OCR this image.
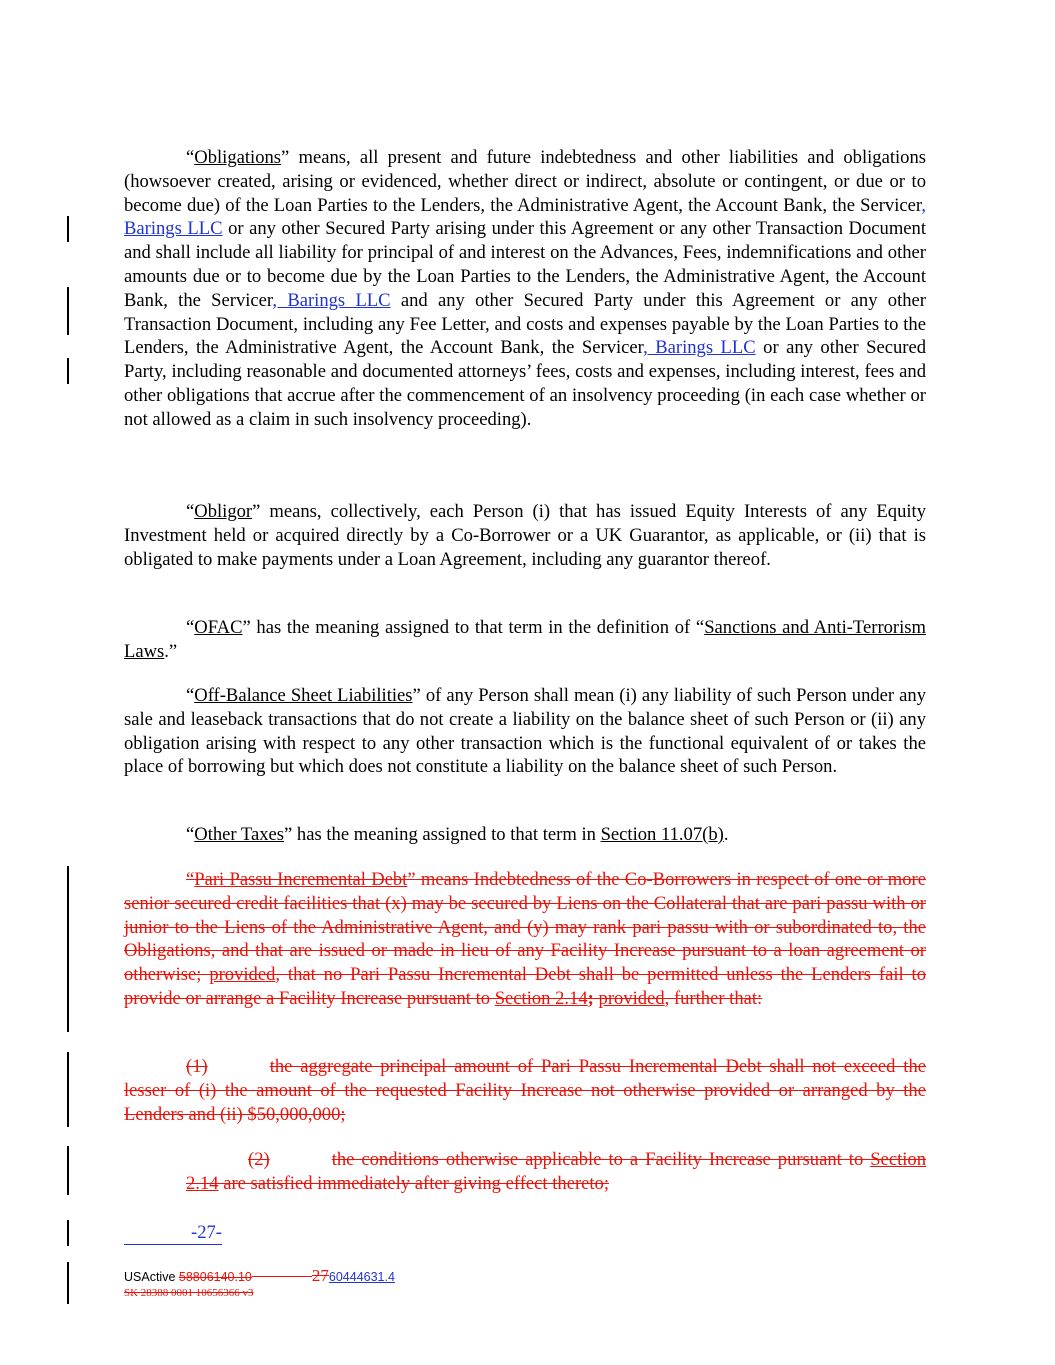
“Obligations” means, all present and future indebtedness and other liabilities and obligations (howsoever created, arising or evidenced, whether direct or indirect, absolute or contingent, or due or to become due) of the Loan Parties to the Lenders, the Administrative Agent, the Account Bank, the Servicer, Barings LLC or any other Secured Party arising under this Agreement or any other Transaction Document and shall include all liability for principal of and interest on the Advances, Fees, indemnifications and other amounts due or to become due by the Loan Parties to the Lenders, the Administrative Agent, the Account Bank, the Servicer, Barings LLC and any other Secured Party under this Agreement or any other Transaction Document, including any Fee Letter, and costs and expenses payable by the Loan Parties to the Lenders, the Administrative Agent, the Account Bank, the Servicer, Barings LLC or any other Secured Party, including reasonable and documented attorneys’ fees, costs and expenses, including interest, fees and other obligations that accrue after the commencement of an insolvency proceeding (in each case whether or not allowed as a claim in such insolvency proceeding).

“Obligor” means, collectively, each Person (i) that has issued Equity Interests of any Equity Investment held or acquired directly by a Co-Borrower or a UK Guarantor, as applicable, or (ii) that is obligated to make payments under a Loan Agreement, including any guarantor thereof.

“OFAC” has the meaning assigned to that term in the definition of “Sanctions and Anti-Terrorism Laws.”

“Off-Balance Sheet Liabilities” of any Person shall mean (i) any liability of such Person under any sale and leaseback transactions that do not create a liability on the balance sheet of such Person or (ii) any obligation arising with respect to any other transaction which is the functional equivalent of or takes the place of borrowing but which does not constitute a liability on the balance sheet of such Person.

“Other Taxes” has the meaning assigned to that term in Section 11.07(b).

“Pari Passu Incremental Debt” means Indebtedness of the Co-Borrowers in respect of one or more senior secured credit facilities that (x) may be secured by Liens on the Collateral that are pari passu with or junior to the Liens of the Administrative Agent, and (y) may rank pari passu with or subordinated to, the Obligations, and that are issued or made in lieu of any Facility Increase pursuant to a loan agreement or otherwise; provided, that no Pari Passu Incremental Debt shall be permitted unless the Lenders fail to provide or arrange a Facility Increase pursuant to Section 2.14; provided, further that:

(1)	the aggregate principal amount of Pari Passu Incremental Debt shall not exceed the lesser of (i) the amount of the requested Facility Increase not otherwise provided or arranged by the Lenders and (ii) $50,000,000;

(2)	the conditions otherwise applicable to a Facility Increase pursuant to Section 2.14 are satisfied immediately after giving effect thereto;

-27-
USActive 58806140.10	2760444631.4
SK 28388 0001 10656366 v3
